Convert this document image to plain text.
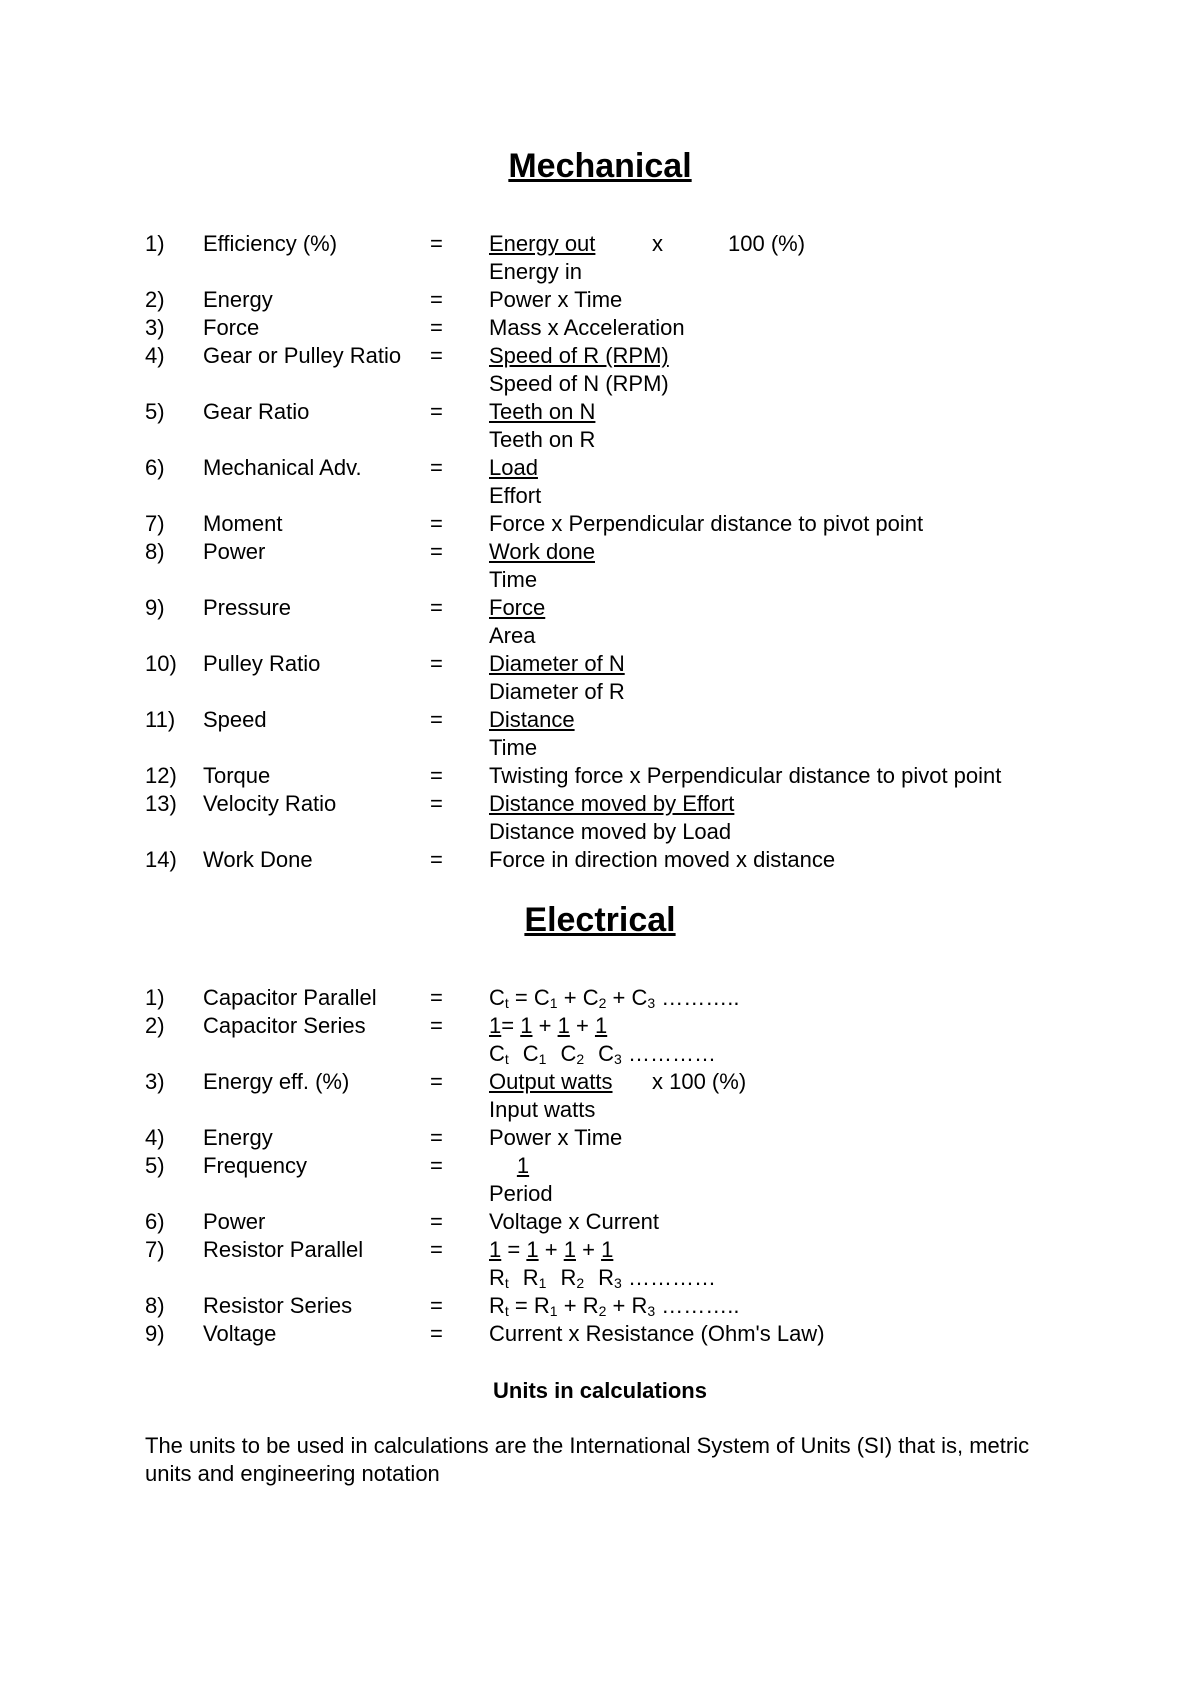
Mechanical
1) Efficiency (%)	= Energy out	x	100 (%)
Energy in
2) Energy	= Power x Time
3) Force	= Mass x Acceleration
4) Gear or Pulley Ratio = Speed of R (RPM)
Speed of N (RPM)
5) Gear Ratio	= Teeth on N
Teeth on R
6) Mechanical Adv.	= Load
Effort
7) Moment	= Force x Perpendicular distance to pivot point
8) Power	= Work done
Time
9) Pressure	= Force
Area
10) Pulley Ratio	= Diameter of N
Diameter of R
11) Speed	= Distance
Time
12) Torque	= Twisting force x Perpendicular distance to pivot point
13) Velocity Ratio	= Distance moved by Effort
Distance moved by Load
14) Work Done	= Force in direction moved x distance
Electrical
1) Capacitor Parallel = $C_t = C_1 + C_2 + C_3$ ………..
2) Capacitor Series	= 1= 1 + 1 + 1
$C_t$ $C_1$ $C_2$ $C_3$ …………
3) Energy eff. (%)	= Output watts x 100 (%)
Input watts
4) Energy	= Power x Time
5) Frequency	=	1
Period
6) Power	= Voltage x Current
7) Resistor Parallel	= 1 = 1 + 1 + 1
$R_t$ $R_1$ $R_2$ $R_3$ …………
8) Resistor Series	= $R_t = R_1 + R_2 + R_3$ ………..
9) Voltage	= Current x Resistance (Ohm's Law)
Units in calculations
The units to be used in calculations are the International System of Units (SI) that is, metric units and engineering notation
